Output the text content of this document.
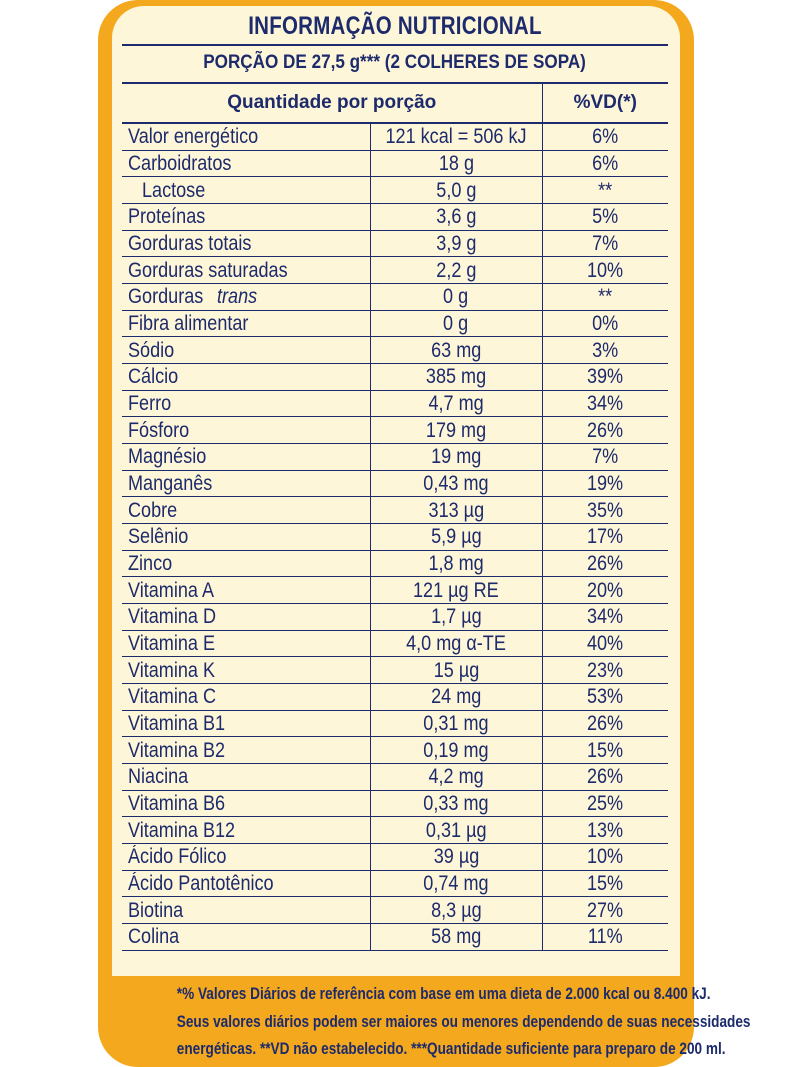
INFORMAÇÃO NUTRICIONAL
PORÇÃO DE 27,5 g*** (2 COLHERES DE SOPA)
Quantidade por porção		%VD(*)
Valor energético	121 kcal = 506 kJ	6%
Carboidratos	18 g	6%
Lactose	5,0 g	**
Proteínas	3,6 g	5%
Gorduras totais	3,9 g	7%
Gorduras saturadas	2,2 g	10%
Gorduras trans	0 g	**
Fibra alimentar	0 g	0%
Sódio	63 mg	3%
Cálcio	385 mg	39%
Ferro	4,7 mg	34%
Fósforo	179 mg	26%
Magnésio	19 mg	7%
Manganês	0,43 mg	19%
Cobre	313 µg	35%
Selênio	5,9 µg	17%
Zinco	1,8 mg	26%
Vitamina A	121 µg RE	20%
Vitamina D	1,7 µg	34%
Vitamina E	4,0 mg α-TE	40%
Vitamina K	15 µg	23%
Vitamina C	24 mg	53%
Vitamina B1	0,31 mg	26%
Vitamina B2	0,19 mg	15%
Niacina	4,2 mg	26%
Vitamina B6	0,33 mg	25%
Vitamina B12	0,31 µg	13%
Ácido Fólico	39 µg	10%
Ácido Pantotênico	0,74 mg	15%
Biotina	8,3 µg	27%
Colina	58 mg	11%
*% Valores Diários de referência com base em uma dieta de 2.000 kcal ou 8.400 kJ.
Seus valores diários podem ser maiores ou menores dependendo de suas necessidades
energéticas. **VD não estabelecido. ***Quantidade suficiente para preparo de 200 ml.
